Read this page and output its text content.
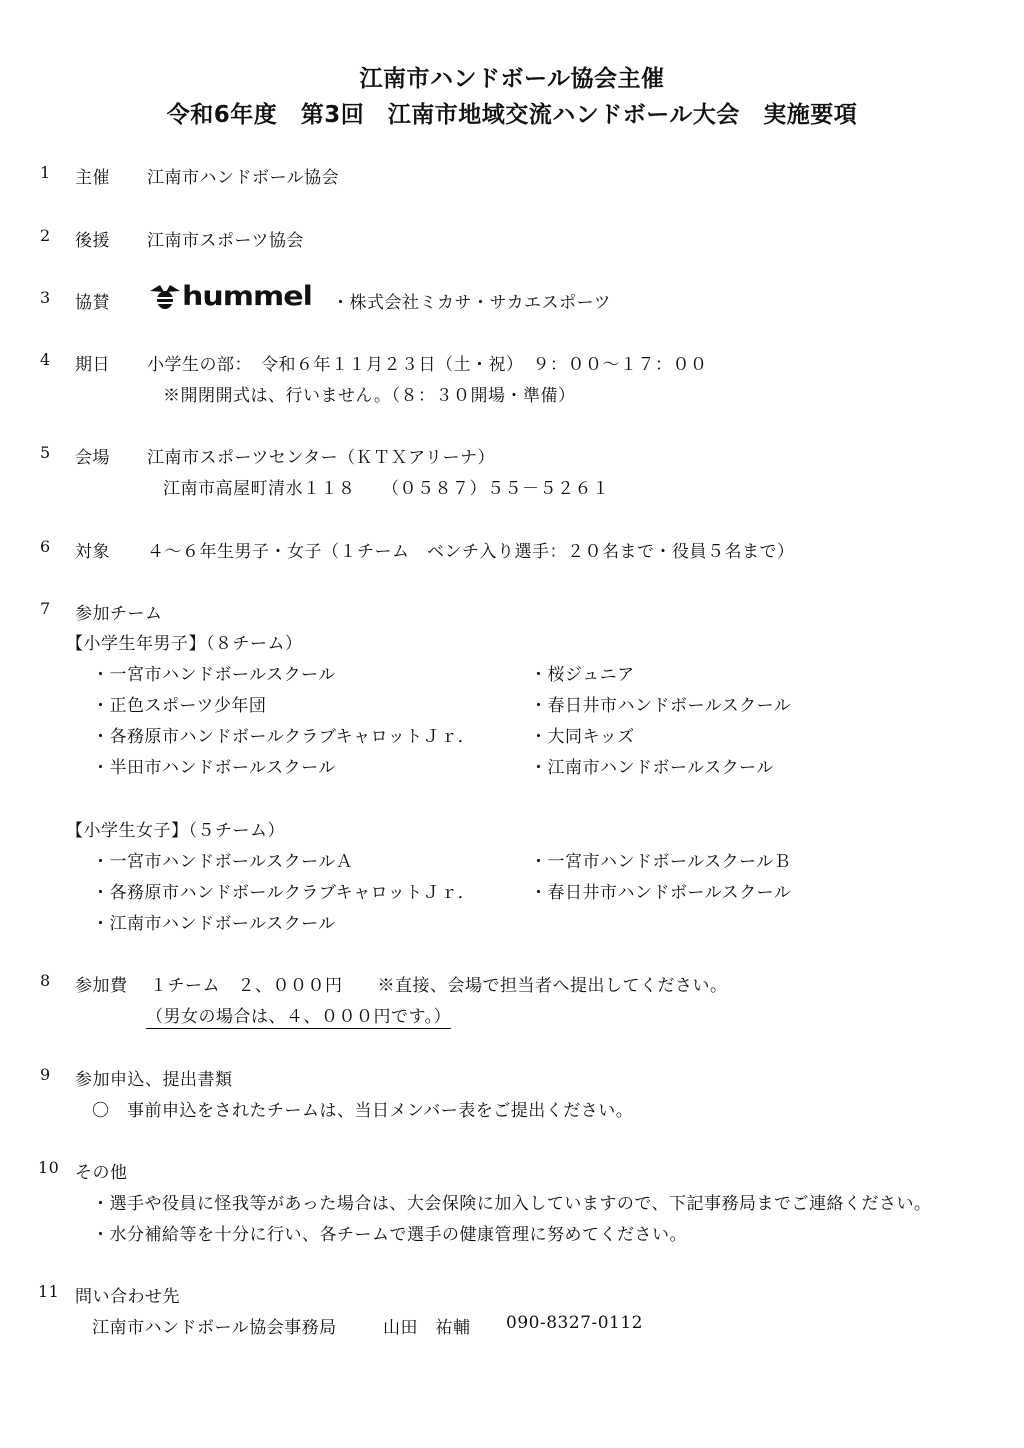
江南市ハンドボール協会主催
令和6年度　第3回　江南市地域交流ハンドボール大会　実施要項
1 主催 江南市ハンドボール協会
2 後援 江南市スポーツ協会
3 協賛 hummel ・株式会社ミカサ・サカエスポーツ
4 期日 小学生の部：　令和６年１１月２３日（土・祝）　９：００～１７：００
※開閉開式は、行いません。（８：３０開場・準備）
5 会場 江南市スポーツセンター（ＫＴＸアリーナ）
江南市高屋町清水１１８　　（０５８７）５５－５２６１
6 対象 ４～６年生男子・女子（１チーム　ベンチ入り選手：２０名まで・役員５名まで）
7 参加チーム
【小学生年男子】（８チーム）
・一宮市ハンドボールスクール
・正色スポーツ少年団
・各務原市ハンドボールクラブキャロットＪｒ．
・半田市ハンドボールスクール
・桜ジュニア
・春日井市ハンドボールスクール
・大同キッズ
・江南市ハンドボールスクール
【小学生女子】（５チーム）
・一宮市ハンドボールスクールＡ
・各務原市ハンドボールクラブキャロットＪｒ．
・江南市ハンドボールスクール
・一宮市ハンドボールスクールＢ
・春日井市ハンドボールスクール
8 参加費 １チーム　２、０００円　　※直接、会場で担当者へ提出してください。
（男女の場合は、４、０００円です。）
9 参加申込、提出書類
〇　事前申込をされたチームは、当日メンバー表をご提出ください。
10 その他
・選手や役員に怪我等があった場合は、大会保険に加入していますので、下記事務局までご連絡ください。
・水分補給等を十分に行い、各チームで選手の健康管理に努めてください。
11 問い合わせ先
江南市ハンドボール協会事務局	山田　祐輔 090-8327-0112
